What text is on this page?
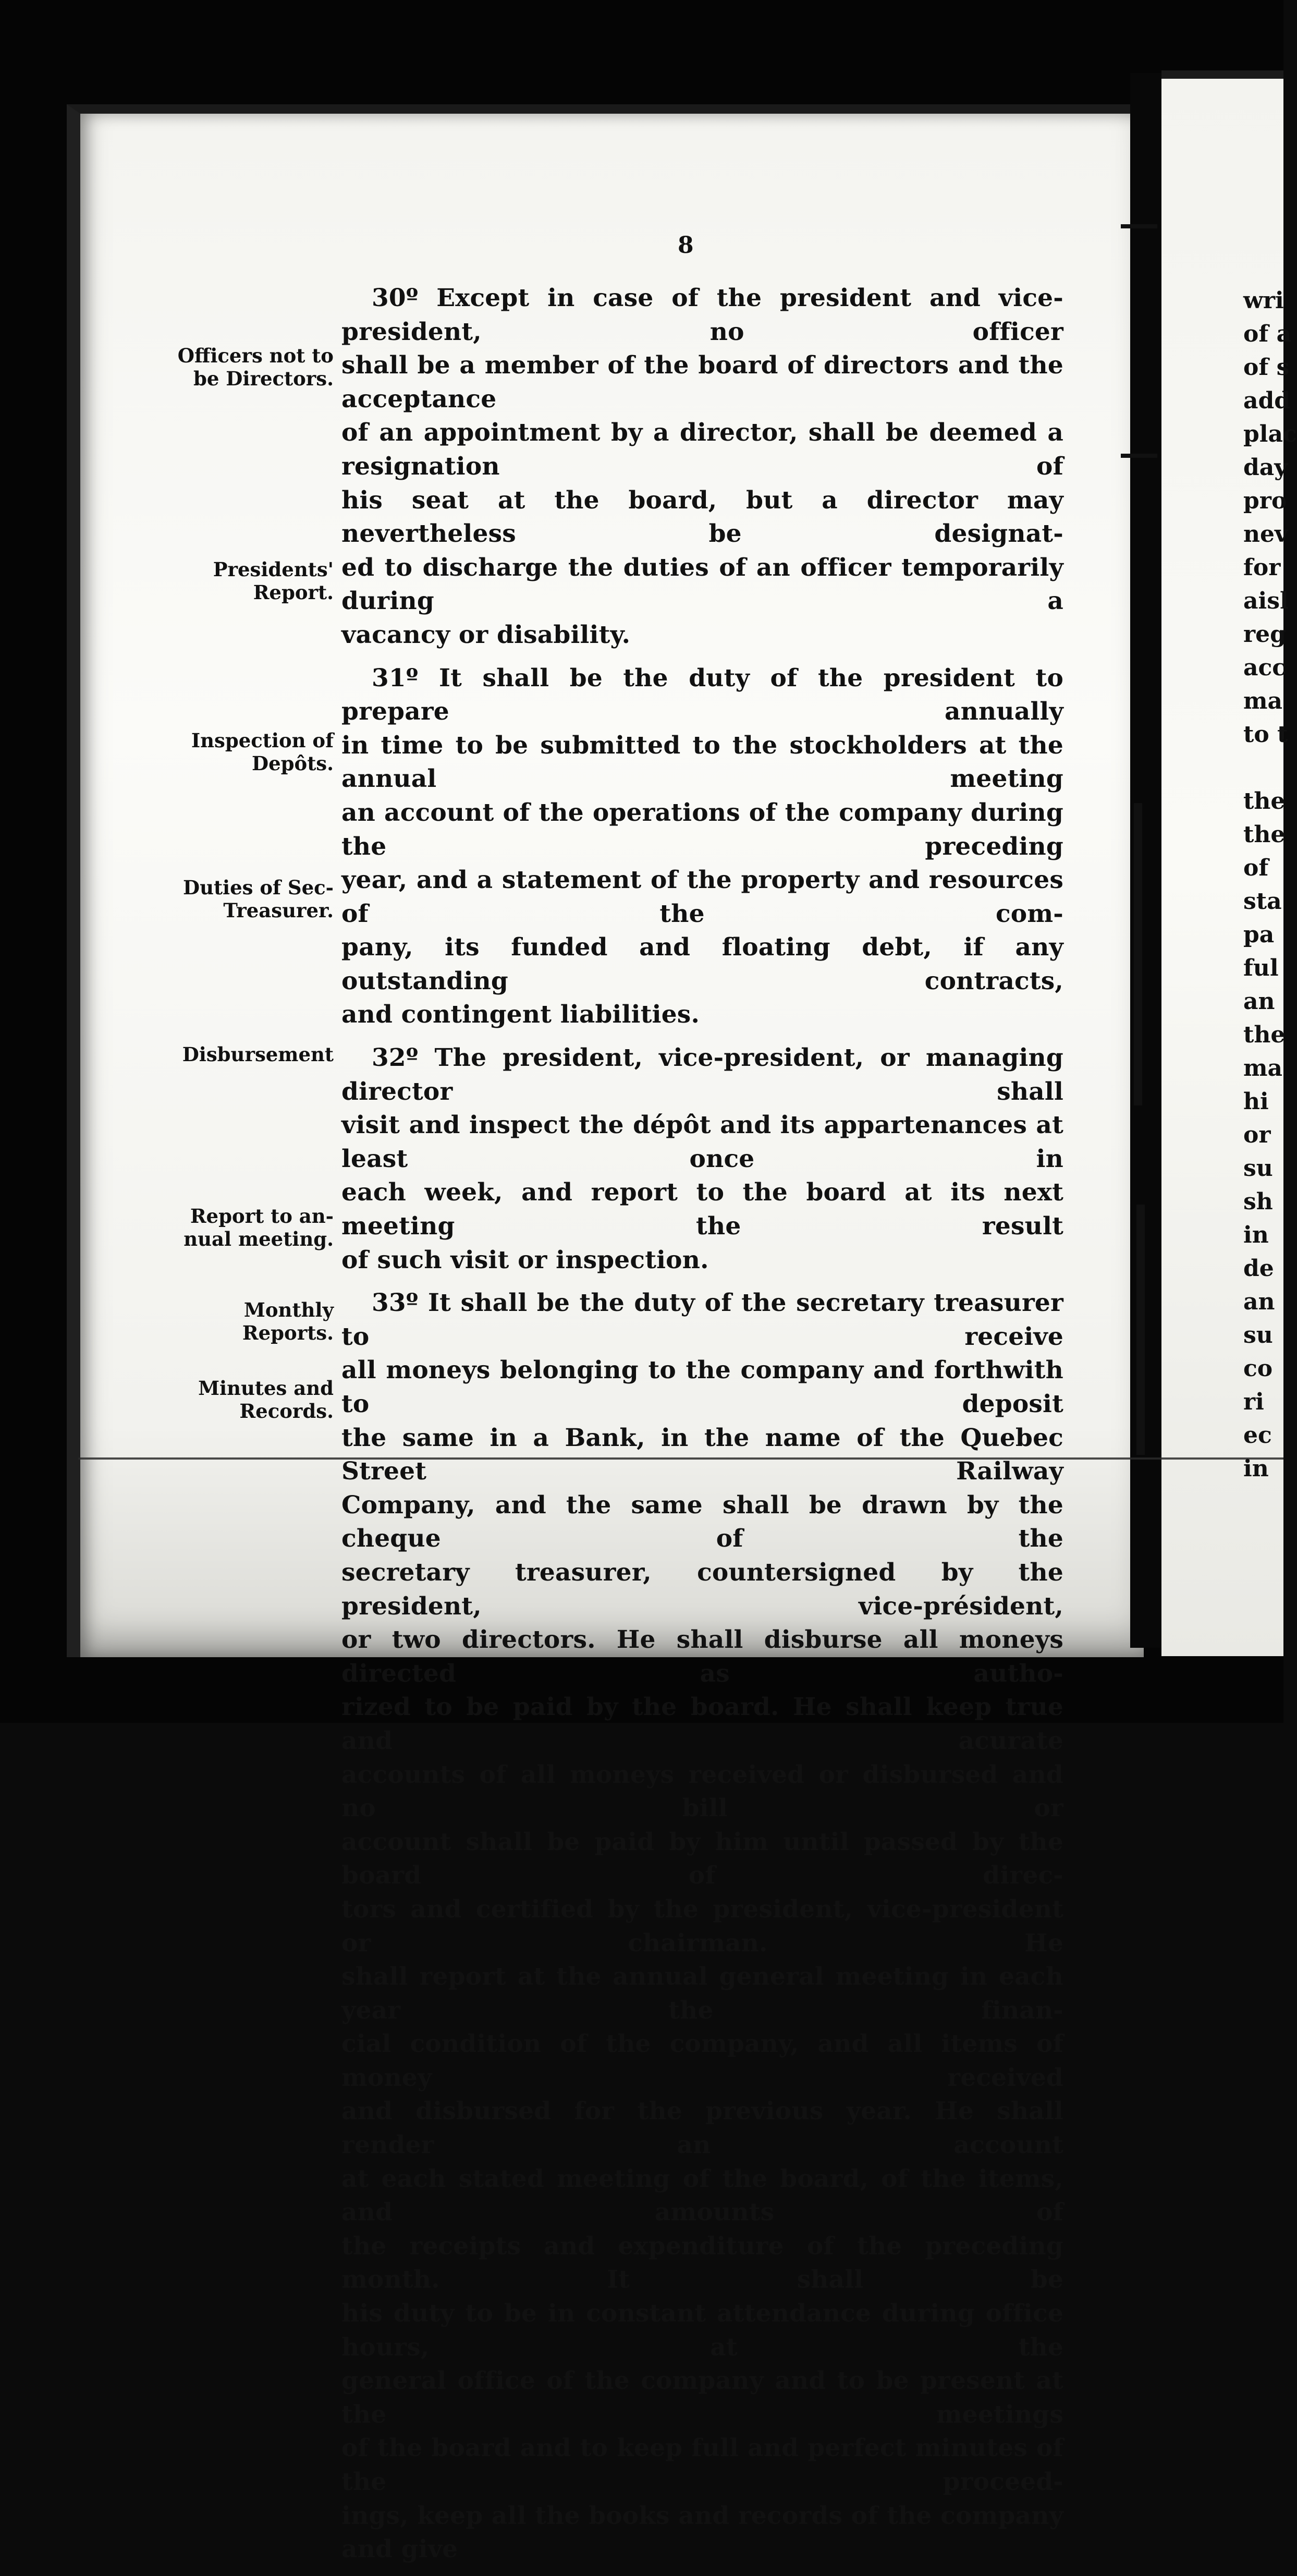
8

30º Except in case of the president and vice-president, no officer

shall be a member of the board of directors and the acceptance

of an appointment by a director, shall be deemed a resignation of

his seat at the board, but a director may nevertheless be designat-

ed to discharge the duties of an officer temporarily during a

vacancy or disability.

31º It shall be the duty of the president to prepare annually

in time to be submitted to the stockholders at the annual meeting

an account of the operations of the company during the preceding

year, and a statement of the property and resources of the com-

pany, its funded and floating debt, if any outstanding contracts,

and contingent liabilities.

32º The president, vice-president, or managing director shall

visit and inspect the dépôt and its appartenances at least once in

each week, and report to the board at its next meeting the result

of such visit or inspection.

33º It shall be the duty of the secretary treasurer to receive

all moneys belonging to the company and forthwith to deposit

the same in a Bank, in the name of the Quebec Street Railway

Company, and the same shall be drawn by the cheque of the

secretary treasurer, countersigned by the president, vice-président,

or two directors. He shall disburse all moneys directed as autho-

rized to be paid by the board. He shall keep true and acurate

accounts of all moneys received or disbursed and no bill or

account shall be paid by him until passed by the board of direc-

tors and certified by the president, vice-president or chairman. He

shall report at the annual general meeting in each year the finan-

cial condition of the company, and all items of money received

and disbursed for the previous year. He shall render an account

at each stated meeting of the board, of the items, and amounts of

the receipts and expenditure of the preceding month. It shall be

his duty to be in constant attendance during office hours, at the

general office of the company and to be present at the meetings

of the board and to keep full and perfect minutes of the proceed-

ings, keep all the books and records of the company and give

Officers not to
be Directors.
Presidents'
Report.
Inspection of
Depôts.
Duties of Sec-
Treasurer.
Disbursement
Report to an-
nual meeting.
Monthly
Reports.
Minutes and
Records.
wri
of a
of s
add
plac
day
pro
nev
for
aisl
reg
acc
ma
to t
the
the
of
sta
pa
ful
an
the
ma
hi
or
su
sh
in
de
an
su
co
ri
ec
in
